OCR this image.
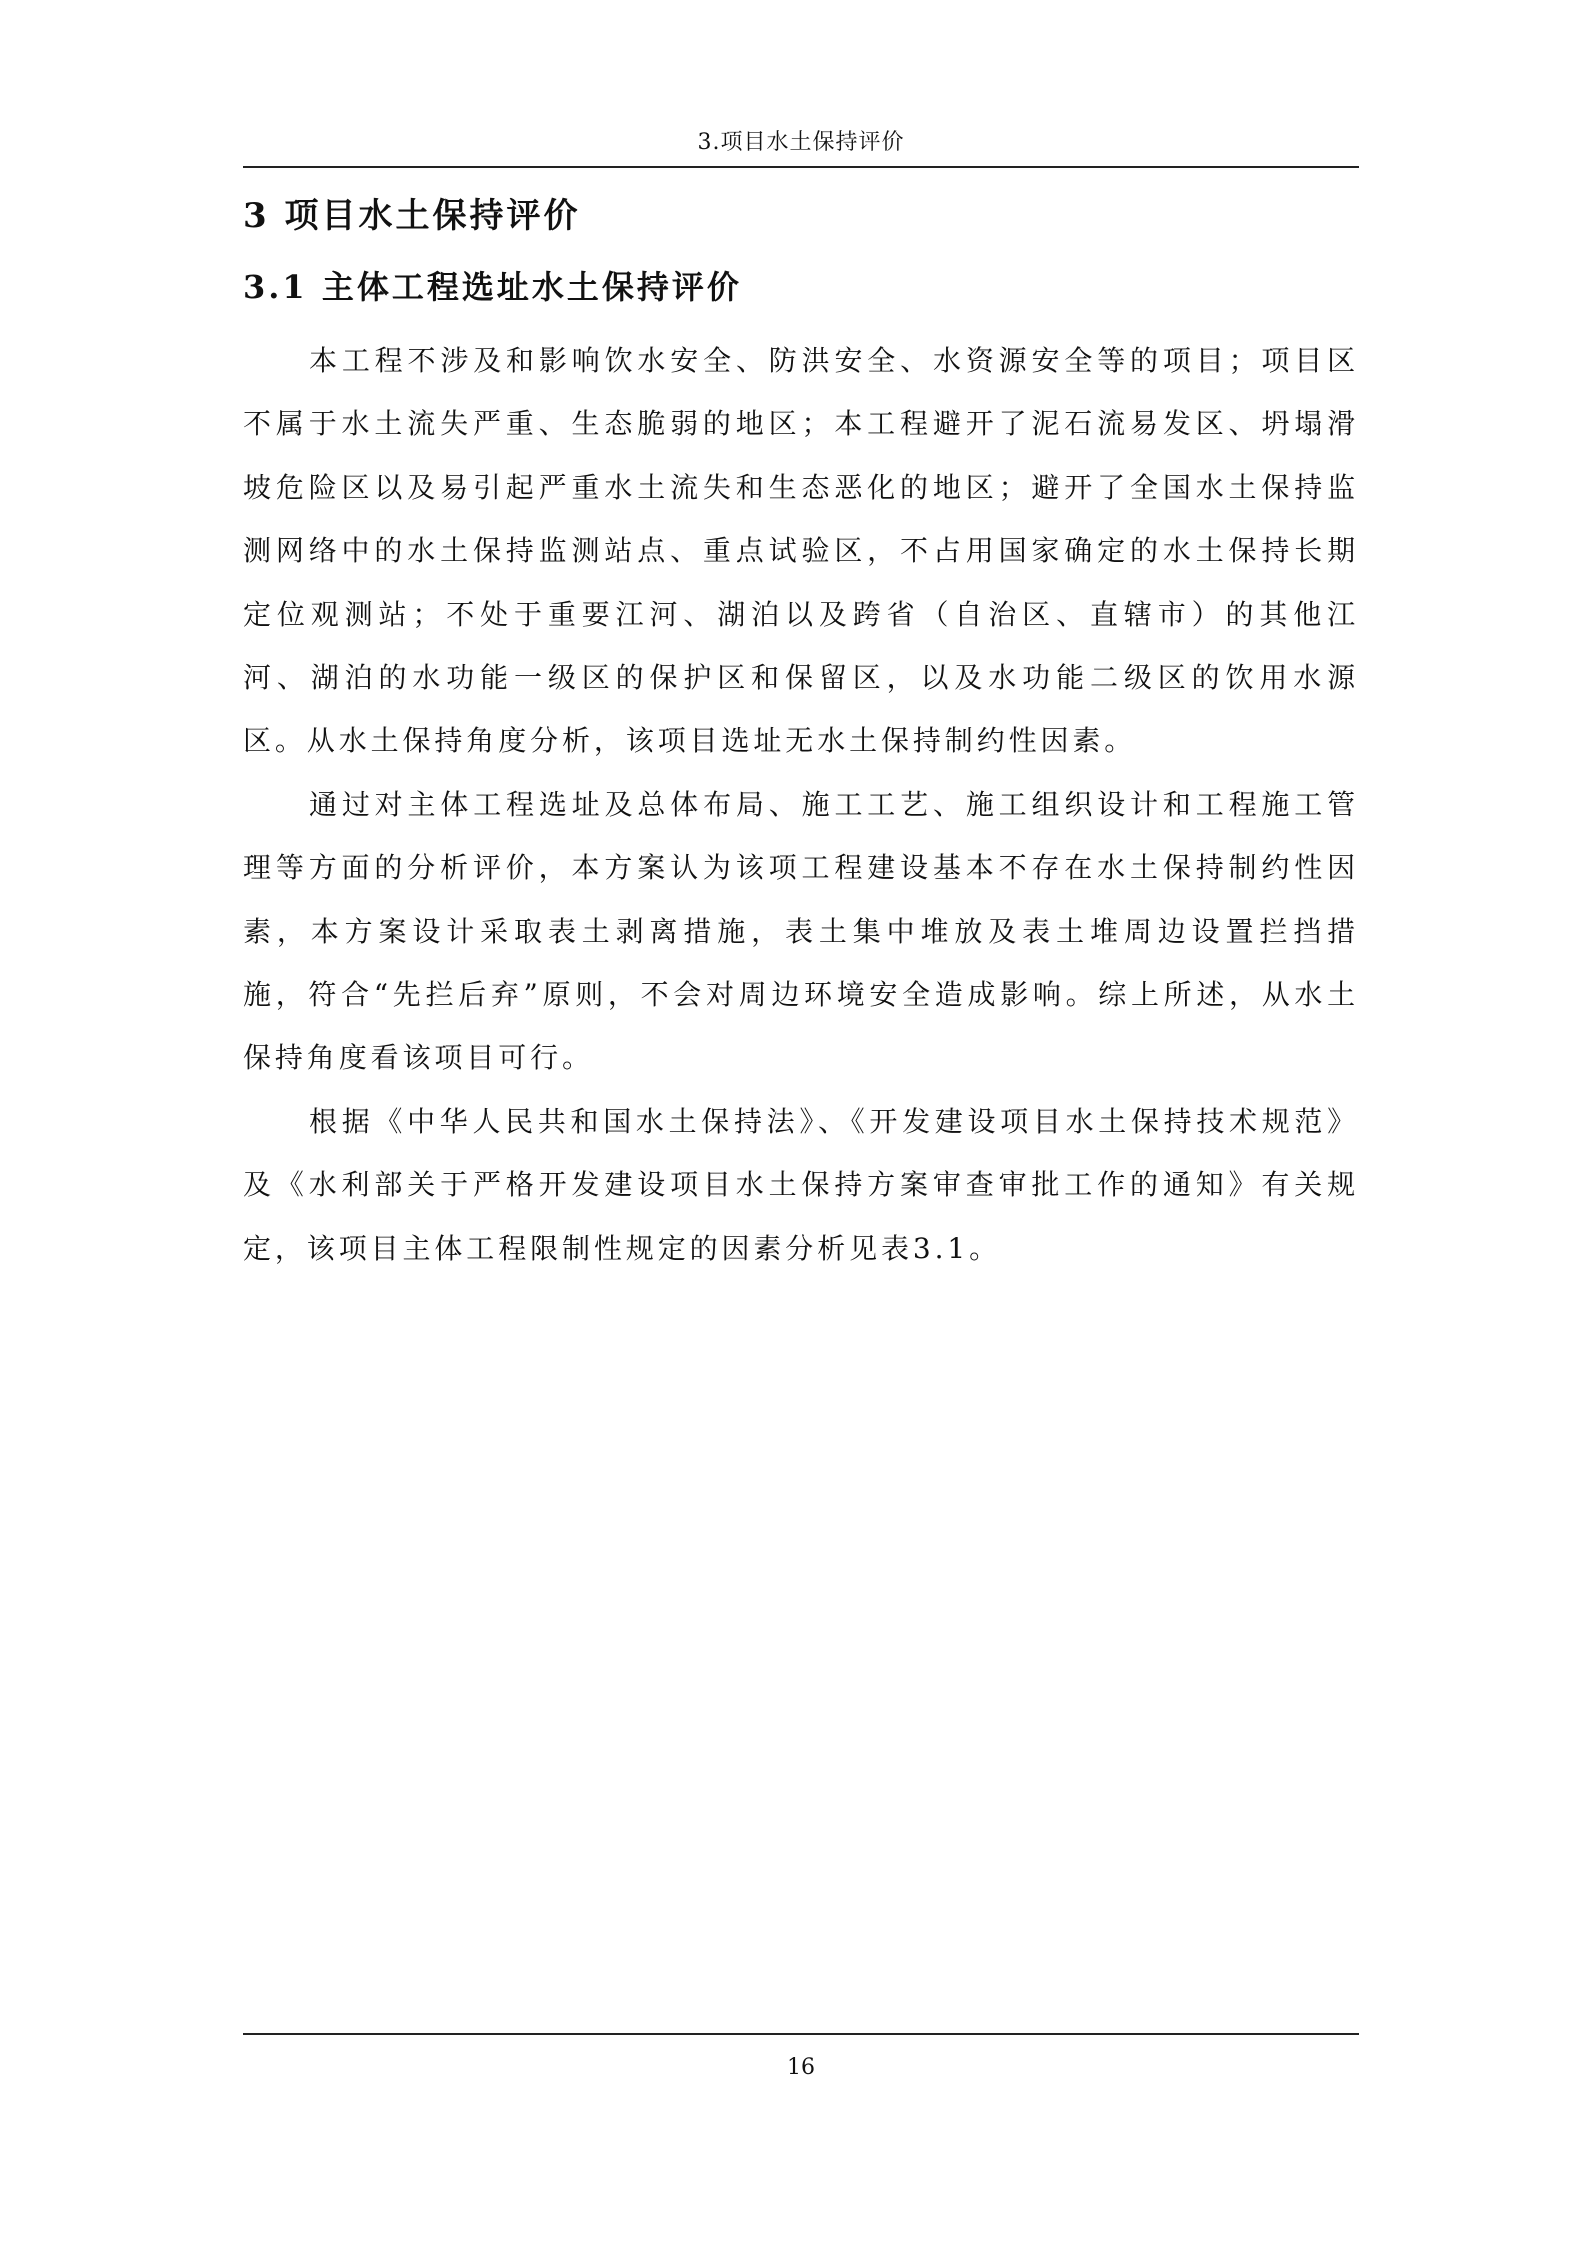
3.项目水土保持评价
3 项目水土保持评价
3.1 主体工程选址水土保持评价

本工程不涉及和影响饮水安全、防洪安全、水资源安全等的项目；项目区不属于水土流失严重、生态脆弱的地区；本工程避开了泥石流易发区、坍塌滑坡危险区以及易引起严重水土流失和生态恶化的地区；避开了全国水土保持监测网络中的水土保持监测站点、重点试验区，不占用国家确定的水土保持长期定位观测站；不处于重要江河、湖泊以及跨省（自治区、直辖市）的其他江河、湖泊的水功能一级区的保护区和保留区，以及水功能二级区的饮用水源区。从水土保持角度分析，该项目选址无水土保持制约性因素。

通过对主体工程选址及总体布局、施工工艺、施工组织设计和工程施工管理等方面的分析评价，本方案认为该项工程建设基本不存在水土保持制约性因素，本方案设计采取表土剥离措施，表土集中堆放及表土堆周边设置拦挡措施，符合“先拦后弃”原则，不会对周边环境安全造成影响。综上所述，从水土保持角度看该项目可行。

根据《中华人民共和国水土保持法》、《开发建设项目水土保持技术规范》及《水利部关于严格开发建设项目水土保持方案审查审批工作的通知》有关规定，该项目主体工程限制性规定的因素分析见表3.1。

16
